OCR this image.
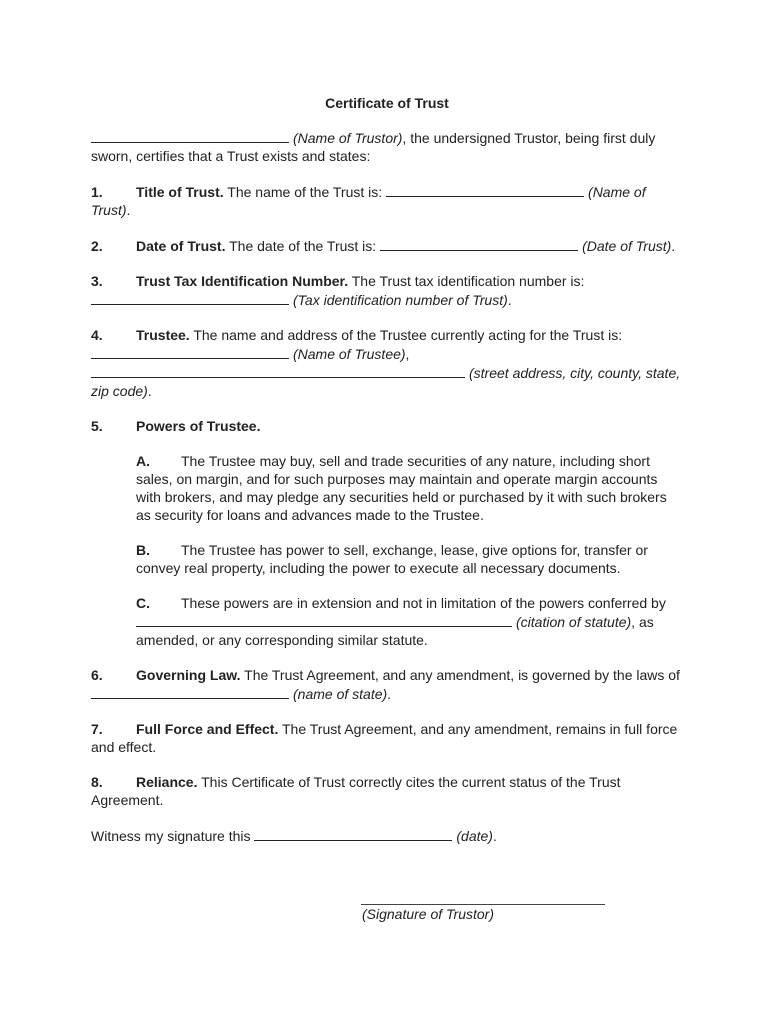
Certificate of Trust

(Name of Trustor), the undersigned Trustor, being first duly sworn, certifies that a Trust exists and states:

1. Title of Trust. The name of the Trust is:	(Name of Trust).

2. Date of Trust. The date of the Trust is:	(Date of Trust).

3. Trust Tax Identification Number. The Trust tax identification number is:
(Tax identification number of Trust).

4. Trustee. The name and address of the Trustee currently acting for the Trust is:
(Name of Trustee),
(street address, city, county, state, zip code).

5. Powers of Trustee.

A. The Trustee may buy, sell and trade securities of any nature, including short sales, on margin, and for such purposes may maintain and operate margin accounts with brokers, and may pledge any securities held or purchased by it with such brokers as security for loans and advances made to the Trustee.

B. The Trustee has power to sell, exchange, lease, give options for, transfer or convey real property, including the power to execute all necessary documents.

C. These powers are in extension and not in limitation of the powers conferred by (citation of statute), as amended, or any corresponding similar statute.

6. Governing Law. The Trust Agreement, and any amendment, is governed by the laws of (name of state).

7. Full Force and Effect. The Trust Agreement, and any amendment, remains in full force and effect.

8. Reliance. This Certificate of Trust correctly cites the current status of the Trust Agreement.

Witness my signature this	(date).

(Signature of Trustor)
